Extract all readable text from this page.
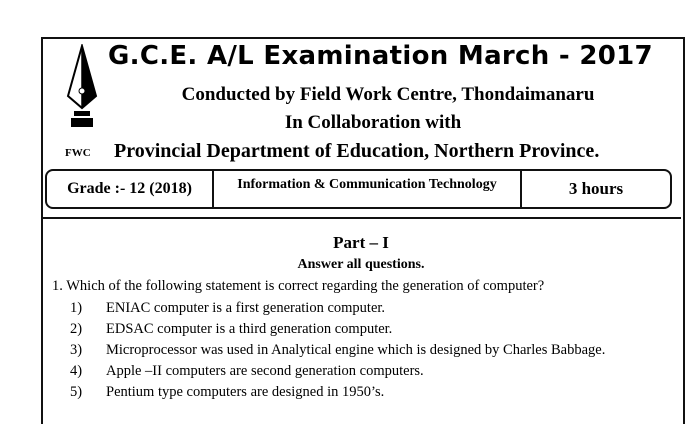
G.C.E. A/L Examination March - 2017
Conducted by Field Work Centre, Thondaimanaru
In Collaboration with
FWC Provincial Department of Education, Northern Province.
Grade :- 12 (2018)	Information & Communication Technology	3 hours
Part – I
Answer all questions.
1. Which of the following statement is correct regarding the generation of computer?
1)	ENIAC computer is a first generation computer.
2)	EDSAC computer is a third generation computer.
3)	Microprocessor was used in Analytical engine which is designed by Charles Babbage.
4)	Apple –II computers are second generation computers.
5)	Pentium type computers are designed in 1950’s.
